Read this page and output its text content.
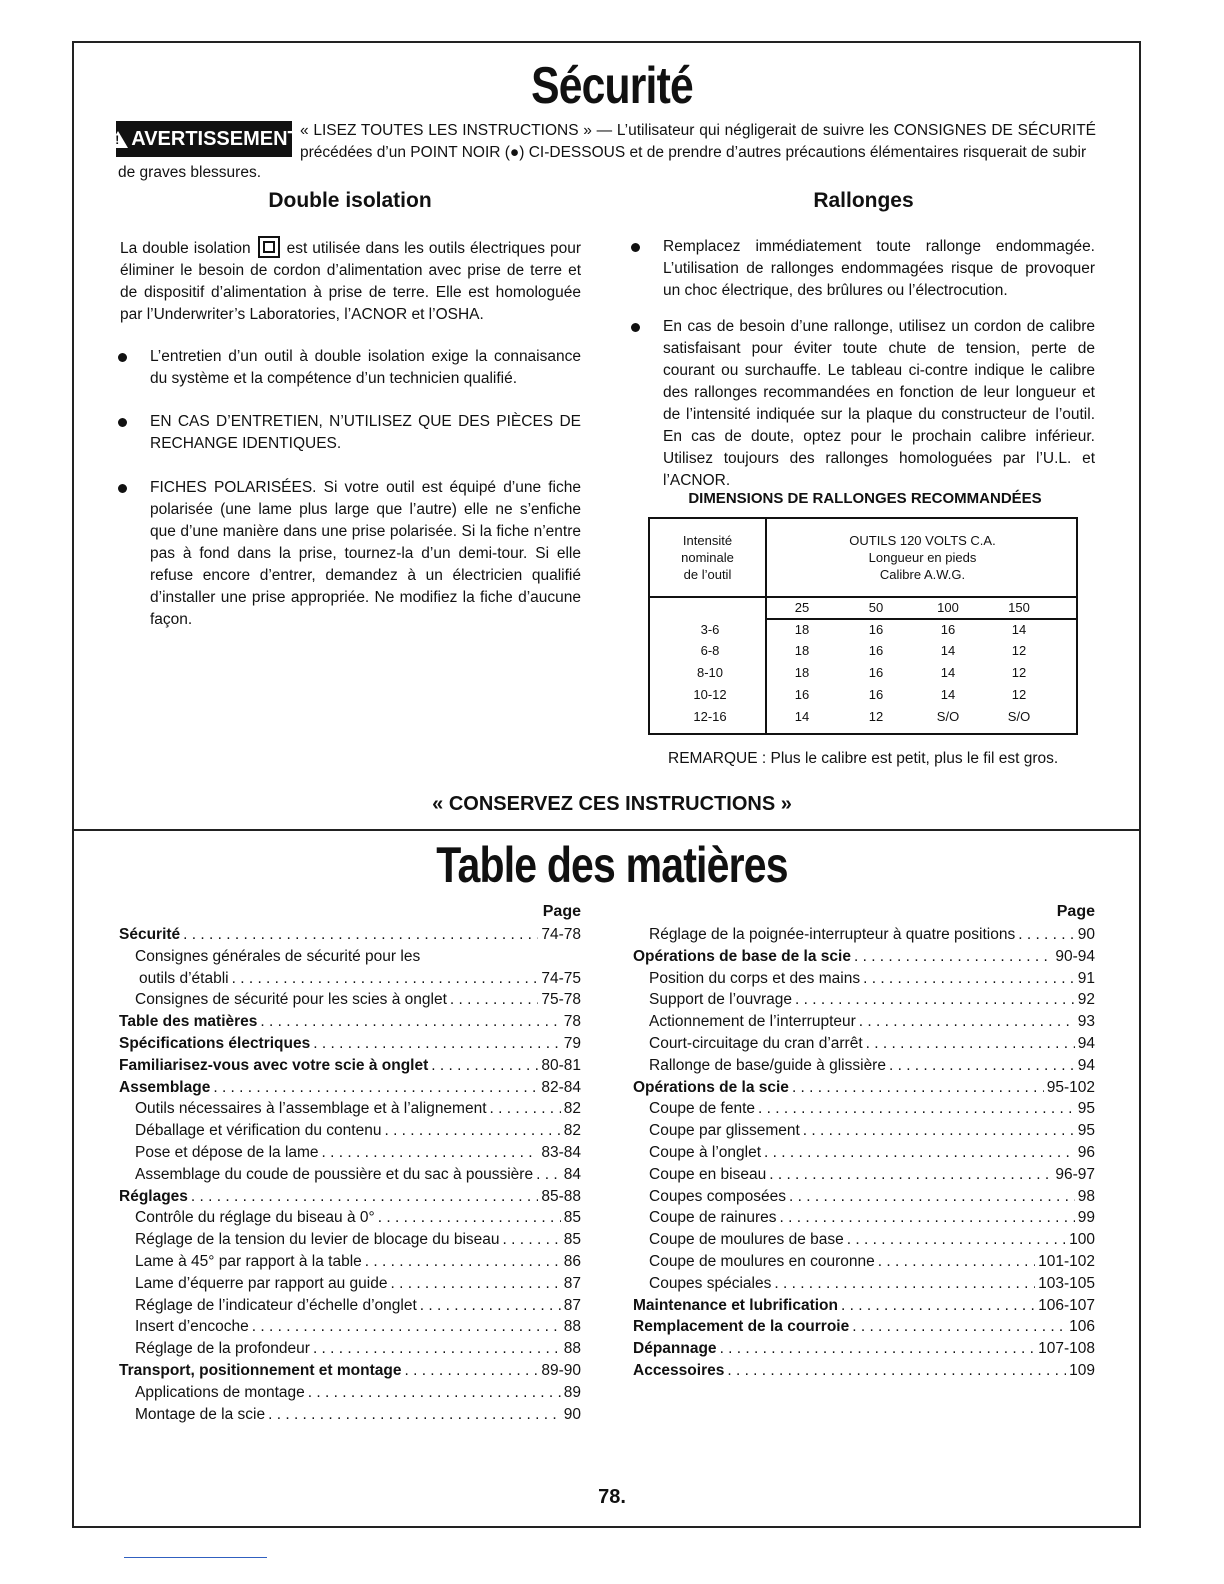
Sécurité
!
AVERTISSEMENT « LISEZ TOUTES LES INSTRUCTIONS » — L’utilisateur qui négligerait de suivre les CONSIGNES DE SÉCURITÉ précédées d’un POINT NOIR (●) CI-DESSOUS et de prendre d’autres précautions élémentaires risquerait de subir
de graves blessures.
Double isolation
La double isolation est utilisée dans les outils électriques pour éliminer le besoin de cordon d’alimentation avec prise de terre et de dispositif d’alimentation à prise de terre. Elle est homologuée par l’Underwriter’s Laboratories, l’ACNOR et l’OSHA.
L’entretien d’un outil à double isolation exige la connaisance du système et la compétence d’un technicien qualifié.
EN CAS D’ENTRETIEN, N’UTILISEZ QUE DES PIÈCES DE RECHANGE IDENTIQUES.
FICHES POLARISÉES. Si votre outil est équipé d’une fiche polarisée (une lame plus large que l’autre) elle ne s’enfiche que d’une manière dans une prise polarisée. Si la fiche n’entre pas à fond dans la prise, tournez-la d’un demi-tour. Si elle refuse encore d’entrer, demandez à un électricien qualifié d’installer une prise appropriée. Ne modifiez la fiche d’aucune façon.
Rallonges
Remplacez immédiatement toute rallonge endommagée. L’utilisation de rallonges endommagées risque de provoquer un choc électrique, des brûlures ou l’électrocution.
En cas de besoin d’une rallonge, utilisez un cordon de calibre satisfaisant pour éviter toute chute de tension, perte de courant ou surchauffe. Le tableau ci-contre indique le calibre des rallonges recommandées en fonction de leur longueur et de l’intensité indiquée sur la plaque du constructeur de l’outil. En cas de doute, optez pour le prochain calibre inférieur. Utilisez toujours des rallonges homologuées par l’U.L. et l’ACNOR.
DIMENSIONS DE RALLONGES RECOMMANDÉES
Intensité
nominale
de l’outil
OUTILS 120 VOLTS C.A.
Longueur en pieds
Calibre A.W.G.
25	50	100	150
3-6	18	16	16	14
6-8	18	16	14	12
8-10	18	16	14	12
10-12	16	16	14	12
12-16	14	12	S/O	S/O
REMARQUE : Plus le calibre est petit, plus le fil est gros.
« CONSERVEZ CES INSTRUCTIONS »
Table des matières
Page
Sécurité . . .	74-78
Consignes générales de sécurité pour les
outils d’établi . . .	74-75
Consignes de sécurité pour les scies à onglet . . .	75-78
Table des matières . . .	78
Spécifications électriques . . .	79
Familiarisez-vous avec votre scie à onglet . . .	80-81
Assemblage . . .	82-84
Outils nécessaires à l’assemblage et à l’alignement . . .	82
Déballage et vérification du contenu . . .	82
Pose et dépose de la lame . . .	83-84
Assemblage du coude de poussière et du sac à poussière . . . 84
Réglages . . .	85-88
Contrôle du réglage du biseau à 0° . . .	85
Réglage de la tension du levier de blocage du biseau . . .	85
Lame à 45° par rapport à la table . . .	86
Lame d’équerre par rapport au guide . . .	87
Réglage de l’indicateur d’échelle d’onglet . . .	87
Insert d’encoche . . .	88
Réglage de la profondeur . . .	88
Transport, positionnement et montage . . .	89-90
Applications de montage . . .	89
Montage de la scie . . .	90
Page
Réglage de la poignée-interrupteur à quatre positions . . .	90
Opérations de base de la scie . . .	90-94
Position du corps et des mains . . .	91
Support de l’ouvrage . . .	92
Actionnement de l’interrupteur . . .	93
Court-circuitage du cran d’arrêt . . .	94
Rallonge de base/guide à glissière . . .	94
Opérations de la scie . . .	95-102
Coupe de fente . . .	95
Coupe par glissement . . .	95
Coupe à l’onglet . . .	96
Coupe en biseau . . .	96-97
Coupes composées . . .	98
Coupe de rainures . . .	99
Coupe de moulures de base . . .	100
Coupe de moulures en couronne . . .	101-102
Coupes spéciales . . .	103-105
Maintenance et lubrification . . .	106-107
Remplacement de la courroie . . .	106
Dépannage . . .	107-108
Accessoires . . .	109
78.
